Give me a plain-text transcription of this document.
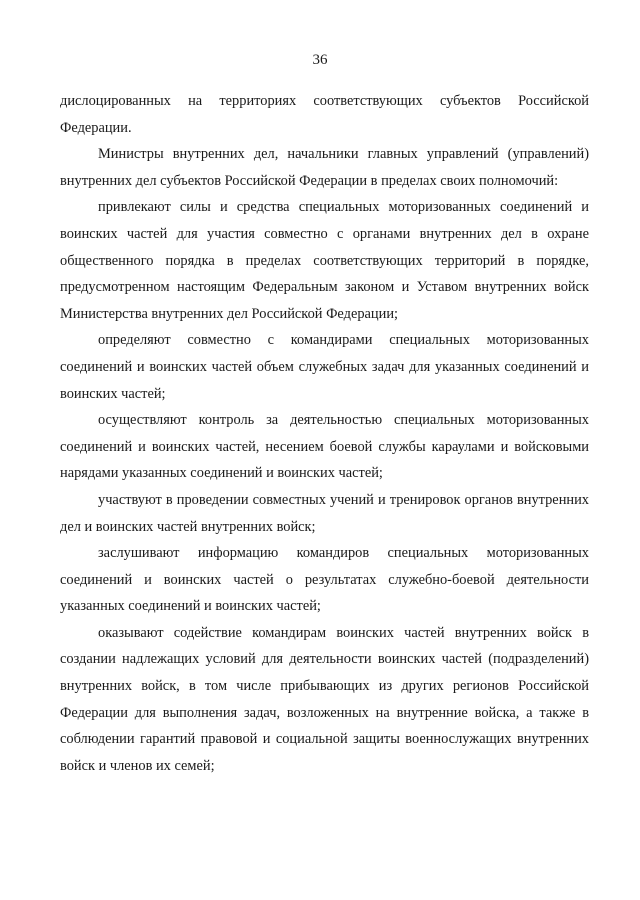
36

дислоцированных на территориях соответствующих субъектов Российской Федерации.

Министры внутренних дел, начальники главных управлений (управлений) внутренних дел субъектов Российской Федерации в пределах своих полномочий:

привлекают силы и средства специальных моторизованных соединений и воинских частей для участия совместно с органами внутренних дел в охране общественного порядка в пределах соответствующих территорий в порядке, предусмотренном настоящим Федеральным законом и Уставом внутренних войск Министерства внутренних дел Российской Федерации;

определяют совместно с командирами специальных моторизованных соединений и воинских частей объем служебных задач для указанных соединений и воинских частей;

осуществляют контроль за деятельностью специальных моторизованных соединений и воинских частей, несением боевой службы караулами и войсковыми нарядами указанных соединений и воинских частей;

участвуют в проведении совместных учений и тренировок органов внутренних дел и воинских частей внутренних войск;

заслушивают информацию командиров специальных моторизованных соединений и воинских частей о результатах служебно-боевой деятельности указанных соединений и воинских частей;

оказывают содействие командирам воинских частей внутренних войск в создании надлежащих условий для деятельности воинских частей (подразделений) внутренних войск, в том числе прибывающих из других регионов Российской Федерации для выполнения задач, возложенных на внутренние войска, а также в соблюдении гарантий правовой и социальной защиты военнослужащих внутренних войск и членов их семей;
